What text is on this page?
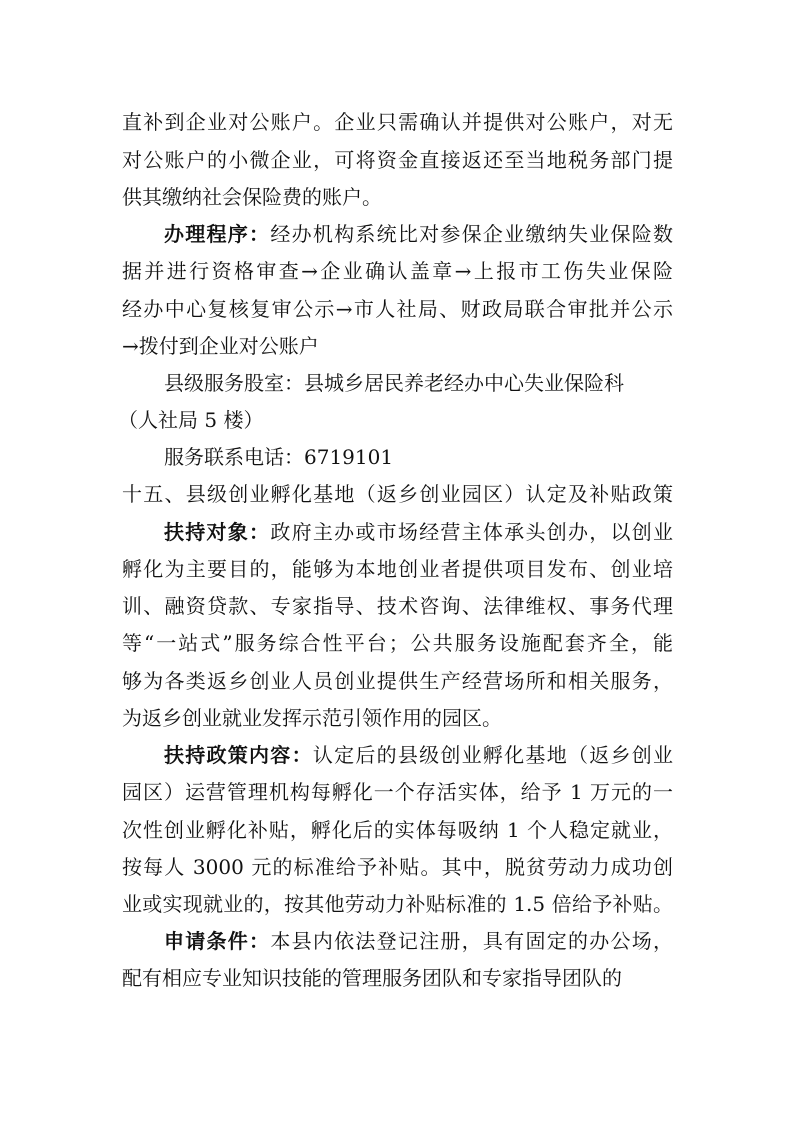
直补到企业对公账户。企业只需确认并提供对公账户，对无
对公账户的小微企业，可将资金直接返还至当地税务部门提
供其缴纳社会保险费的账户。
办理程序：经办机构系统比对参保企业缴纳失业保险数
据并进行资格审查→企业确认盖章→上报市工伤失业保险
经办中心复核复审公示→市人社局、财政局联合审批并公示
→拨付到企业对公账户
县级服务股室：县城乡居民养老经办中心失业保险科
（人社局 5 楼）
服务联系电话：6719101
十五、县级创业孵化基地（返乡创业园区）认定及补贴政策
扶持对象：政府主办或市场经营主体承头创办，以创业
孵化为主要目的，能够为本地创业者提供项目发布、创业培
训、融资贷款、专家指导、技术咨询、法律维权、事务代理
等“一站式”服务综合性平台；公共服务设施配套齐全，能
够为各类返乡创业人员创业提供生产经营场所和相关服务，
为返乡创业就业发挥示范引领作用的园区。
扶持政策内容：认定后的县级创业孵化基地（返乡创业
园区）运营管理机构每孵化一个存活实体，给予 1 万元的一
次性创业孵化补贴，孵化后的实体每吸纳 1 个人稳定就业，
按每人 3000 元的标准给予补贴。其中，脱贫劳动力成功创
业或实现就业的，按其他劳动力补贴标准的 1.5 倍给予补贴。
申请条件：本县内依法登记注册，具有固定的办公场，
配有相应专业知识技能的管理服务团队和专家指导团队的
